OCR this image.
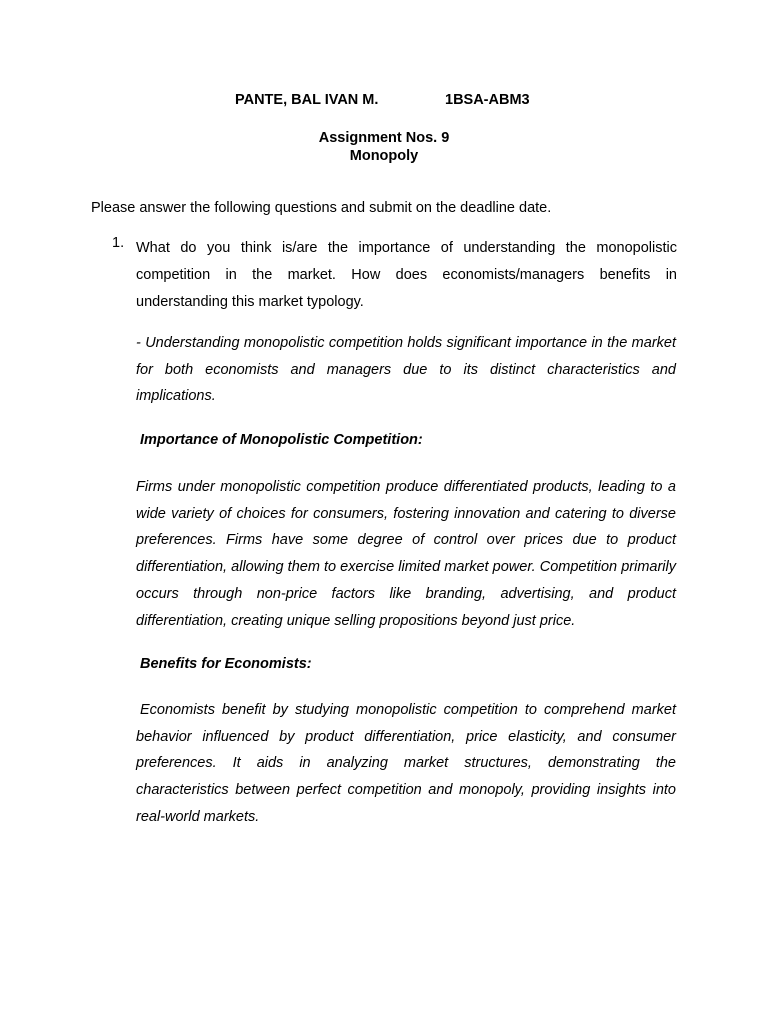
PANTE, BAL IVAN M.	1BSA-ABM3
Assignment Nos. 9
Monopoly
Please answer the following questions and submit on the deadline date.
1. What do you think is/are the importance of understanding the monopolistic competition in the market. How does economists/managers benefits in understanding this market typology.
- Understanding monopolistic competition holds significant importance in the market for both economists and managers due to its distinct characteristics and implications.
Importance of Monopolistic Competition:
Firms under monopolistic competition produce differentiated products, leading to a wide variety of choices for consumers, fostering innovation and catering to diverse preferences. Firms have some degree of control over prices due to product differentiation, allowing them to exercise limited market power. Competition primarily occurs through non-price factors like branding, advertising, and product differentiation, creating unique selling propositions beyond just price.
Benefits for Economists:
Economists benefit by studying monopolistic competition to comprehend market behavior influenced by product differentiation, price elasticity, and consumer preferences. It aids in analyzing market structures, demonstrating the characteristics between perfect competition and monopoly, providing insights into real-world markets.
